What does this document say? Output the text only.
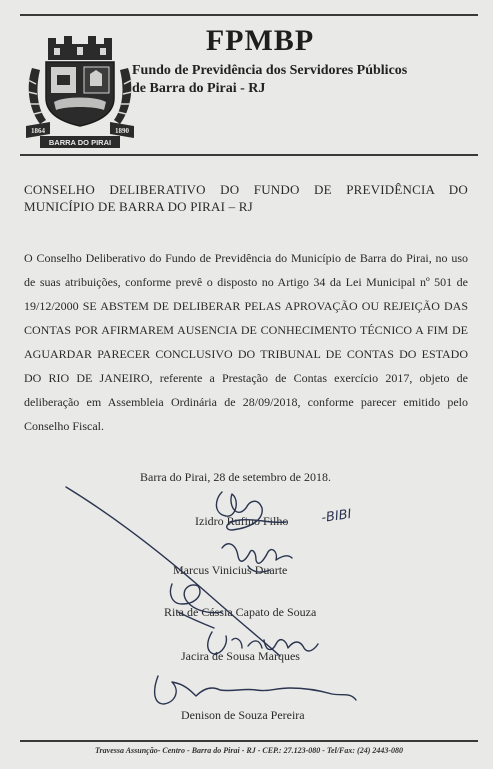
1864	1890
BARRA DO PIRAI
FPMBP
Fundo de Previdência dos Servidores Públicos
de Barra do Pirai - RJ
CONSELHO DELIBERATIVO DO FUNDO DE PREVIDÊNCIA DO MUNICÍPIO DE BARRA DO PIRAI – RJ
O Conselho Deliberativo do Fundo de Previdência do Município de Barra do Pirai, no uso de suas atribuições, conforme prevê o disposto no Artigo 34 da Lei Municipal nº 501 de 19/12/2000 SE ABSTEM DE DELIBERAR PELAS APROVAÇÃO OU REJEIÇÃO DAS CONTAS POR AFIRMAREM AUSENCIA DE CONHECIMENTO TÉCNICO A FIM DE AGUARDAR PARECER CONCLUSIVO DO TRIBUNAL DE CONTAS DO ESTADO DO RIO DE JANEIRO, referente a Prestação de Contas exercício 2017, objeto de deliberação em Assembleia Ordinária de 28/09/2018, conforme parecer emitido pelo Conselho Fiscal.
Barra do Pirai, 28 de setembro de 2018.
Izidro Rufino Filho
Marcus Vinicius Duarte
Rita de Cássia Capato de Souza
Jacira de Sousa Marques
Denison de Souza Pereira
-BIBI
Travessa Assunção- Centro - Barra do Pirai - RJ - CEP.: 27.123-080 - Tel/Fax: (24) 2443-080
